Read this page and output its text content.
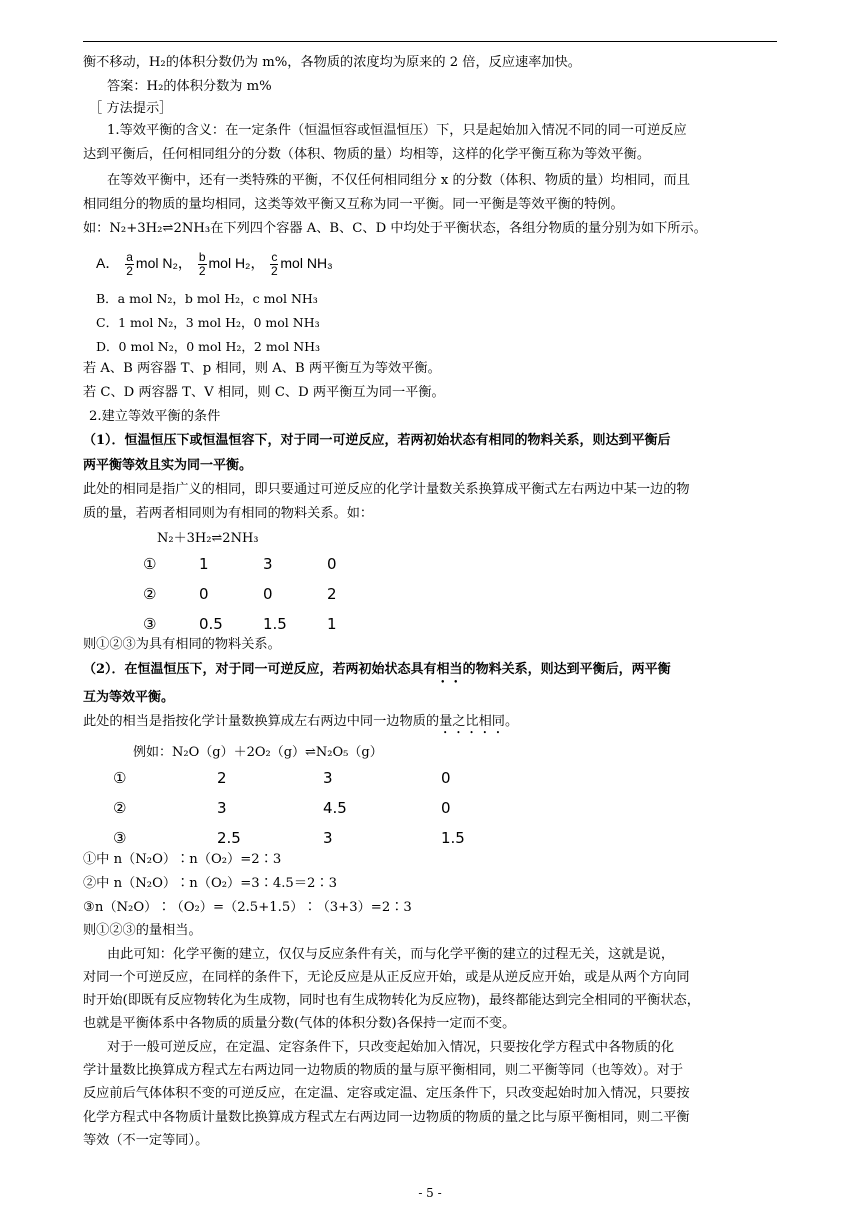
衡不移动，H₂的体积分数仍为 m%，各物质的浓度均为原来的 2 倍，反应速率加快。
答案：H₂的体积分数为 m%
［ 方法提示］
1.等效平衡的含义：在一定条件（恒温恒容或恒温恒压）下，只是起始加入情况不同的同一可逆反应
达到平衡后，任何相同组分的分数（体积、物质的量）均相等，这样的化学平衡互称为等效平衡。
在等效平衡中，还有一类特殊的平衡，不仅任何相同组分 x 的分数（体积、物质的量）均相同，而且
相同组分的物质的量均相同，这类等效平衡又互称为同一平衡。同一平衡是等效平衡的特例。
如：N₂+3H₂⇌2NH₃在下列四个容器 A、B、C、D 中均处于平衡状态，各组分物质的量分别为如下所示。
A． $\frac{a}{2}$ mol N₂， $\frac{b}{2}$ mol H₂， $\frac{c}{2}$ mol NH₃
B．a mol N₂，b mol H₂，c mol NH₃
C．1 mol N₂，3 mol H₂，0 mol NH₃
D．0 mol N₂，0 mol H₂，2 mol NH₃
若 A、B 两容器 T、p 相同，则 A、B 两平衡互为等效平衡。
若 C、D 两容器 T、V 相同，则 C、D 两平衡互为同一平衡。
2.建立等效平衡的条件
（1）．恒温恒压下或恒温恒容下，对于同一可逆反应，若两初始状态有相同的物料关系，则达到平衡后
两平衡等效且实为同一平衡。
此处的相同是指广义的相同，即只要通过可逆反应的化学计量数关系换算成平衡式左右两边中某一边的物
质的量，若两者相同则为有相同的物料关系。如：
N₂＋3H₂⇌2NH₃
①	1	3	0
②	0	0	2
③	0.5	1.5	1
则①②③为具有相同的物料关系。
（2）．在恒温恒压下，对于同一可逆反应，若两初始状态具有相当的物料关系，则达到平衡后，两平衡
互为等效平衡。
此处的相当是指按化学计量数换算成左右两边中同一边物质的量之比相同。
例如：N₂O（g）＋2O₂（g）⇌N₂O₅（g）
①	2	3	0
②	3	4.5	0
③	2.5	3	1.5
①中 n（N₂O）∶n（O₂）=2∶3
②中 n（N₂O）∶n（O₂）=3∶4.5＝2∶3
③n（N₂O）∶（O₂）=（2.5+1.5）∶（3+3）=2∶3
则①②③的量相当。
由此可知：化学平衡的建立，仅仅与反应条件有关，而与化学平衡的建立的过程无关，这就是说，
对同一个可逆反应，在同样的条件下，无论反应是从正反应开始，或是从逆反应开始，或是从两个方向同
时开始(即既有反应物转化为生成物，同时也有生成物转化为反应物)，最终都能达到完全相同的平衡状态，
也就是平衡体系中各物质的质量分数(气体的体积分数)各保持一定而不变。
对于一般可逆反应，在定温、定容条件下，只改变起始加入情况，只要按化学方程式中各物质的化
学计量数比换算成方程式左右两边同一边物质的物质的量与原平衡相同，则二平衡等同（也等效）。对于
反应前后气体体积不变的可逆反应，在定温、定容或定温、定压条件下，只改变起始时加入情况，只要按
化学方程式中各物质计量数比换算成方程式左右两边同一边物质的物质的量之比与原平衡相同，则二平衡
等效（不一定等同）。
- 5 -
